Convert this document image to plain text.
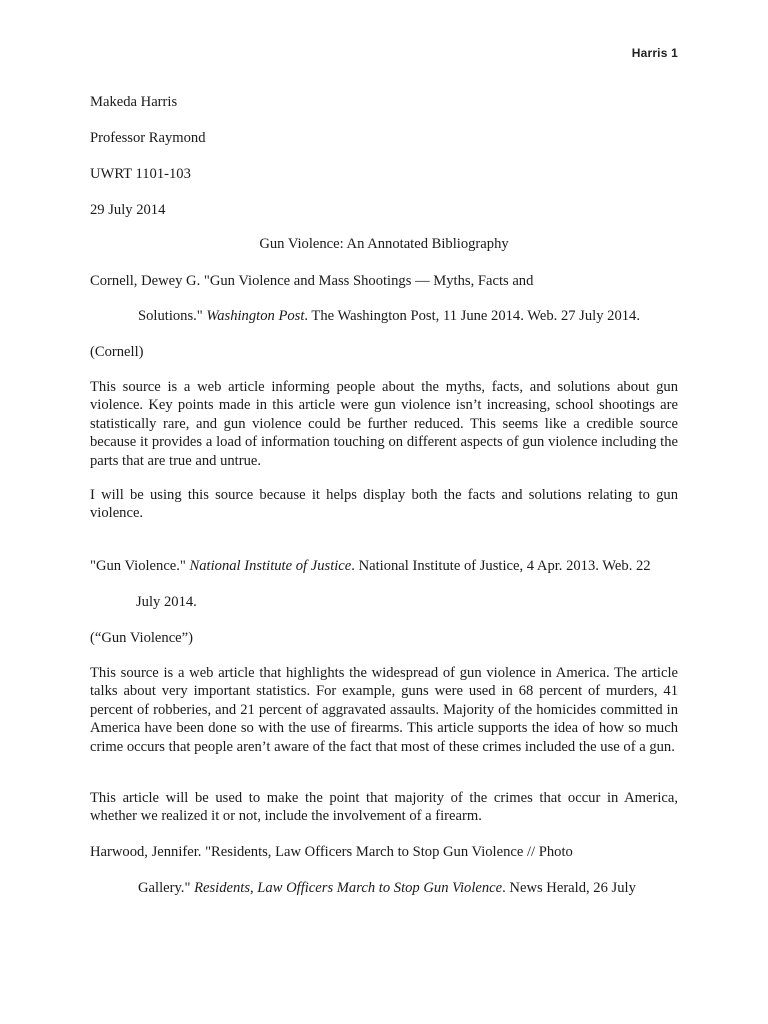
Harris 1
Makeda Harris
Professor Raymond
UWRT 1101-103
29 July 2014
Gun Violence: An Annotated Bibliography
Cornell, Dewey G. "Gun Violence and Mass Shootings — Myths, Facts and
Solutions." Washington Post. The Washington Post, 11 June 2014. Web. 27 July 2014.
(Cornell)
This source is a web article informing people about the myths, facts, and solutions about gun violence. Key points made in this article were gun violence isn’t increasing, school shootings are statistically rare, and gun violence could be further reduced. This seems like a credible source because it provides a load of information touching on different aspects of gun violence including the parts that are true and untrue.
I will be using this source because it helps display both the facts and solutions relating to gun violence.
"Gun Violence." National Institute of Justice. National Institute of Justice, 4 Apr. 2013. Web. 22
July 2014.
(“Gun Violence”)
This source is a web article that highlights the widespread of gun violence in America. The article talks about very important statistics. For example, guns were used in 68 percent of murders, 41 percent of robberies, and 21 percent of aggravated assaults. Majority of the homicides committed in America have been done so with the use of firearms. This article supports the idea of how so much crime occurs that people aren’t aware of the fact that most of these crimes included the use of a gun.
This article will be used to make the point that majority of the crimes that occur in America, whether we realized it or not, include the involvement of a firearm.
Harwood, Jennifer. "Residents, Law Officers March to Stop Gun Violence // Photo
Gallery." Residents, Law Officers March to Stop Gun Violence. News Herald, 26 July
